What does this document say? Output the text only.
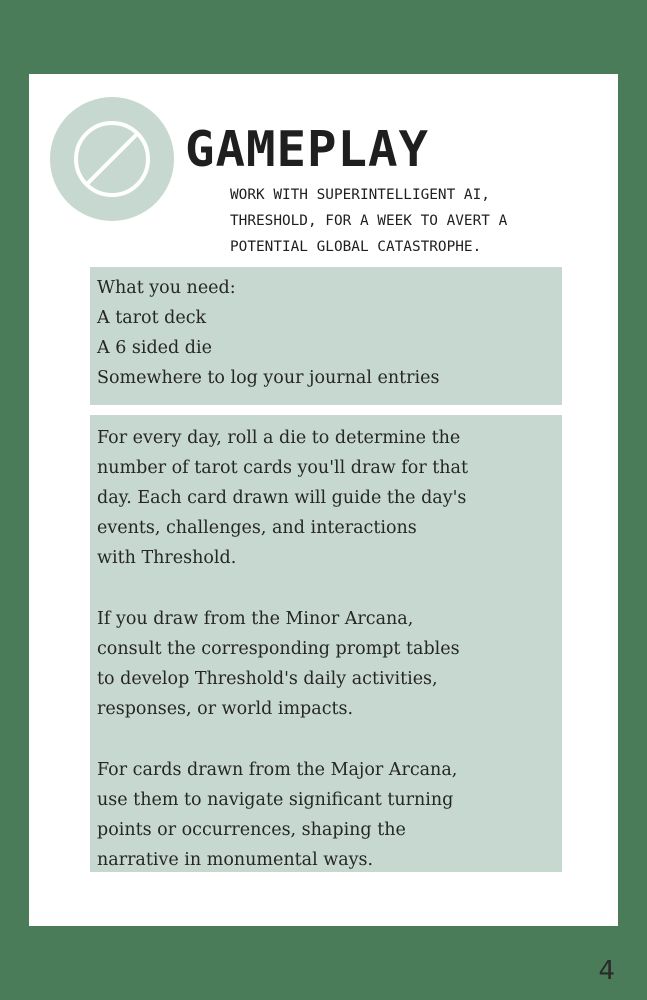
GAMEPLAY
WORK WITH SUPERINTELLIGENT AI,
THRESHOLD, FOR A WEEK TO AVERT A
POTENTIAL GLOBAL CATASTROPHE.
What you need:
A tarot deck
A 6 sided die
Somewhere to log your journal entries

For every day, roll a die to determine the
number of tarot cards you'll draw for that
day. Each card drawn will guide the day's
events, challenges, and interactions
with Threshold.

If you draw from the Minor Arcana,
consult the corresponding prompt tables
to develop Threshold's daily activities,
responses, or world impacts.

For cards drawn from the Major Arcana,
use them to navigate significant turning
points or occurrences, shaping the
narrative in monumental ways.

4
